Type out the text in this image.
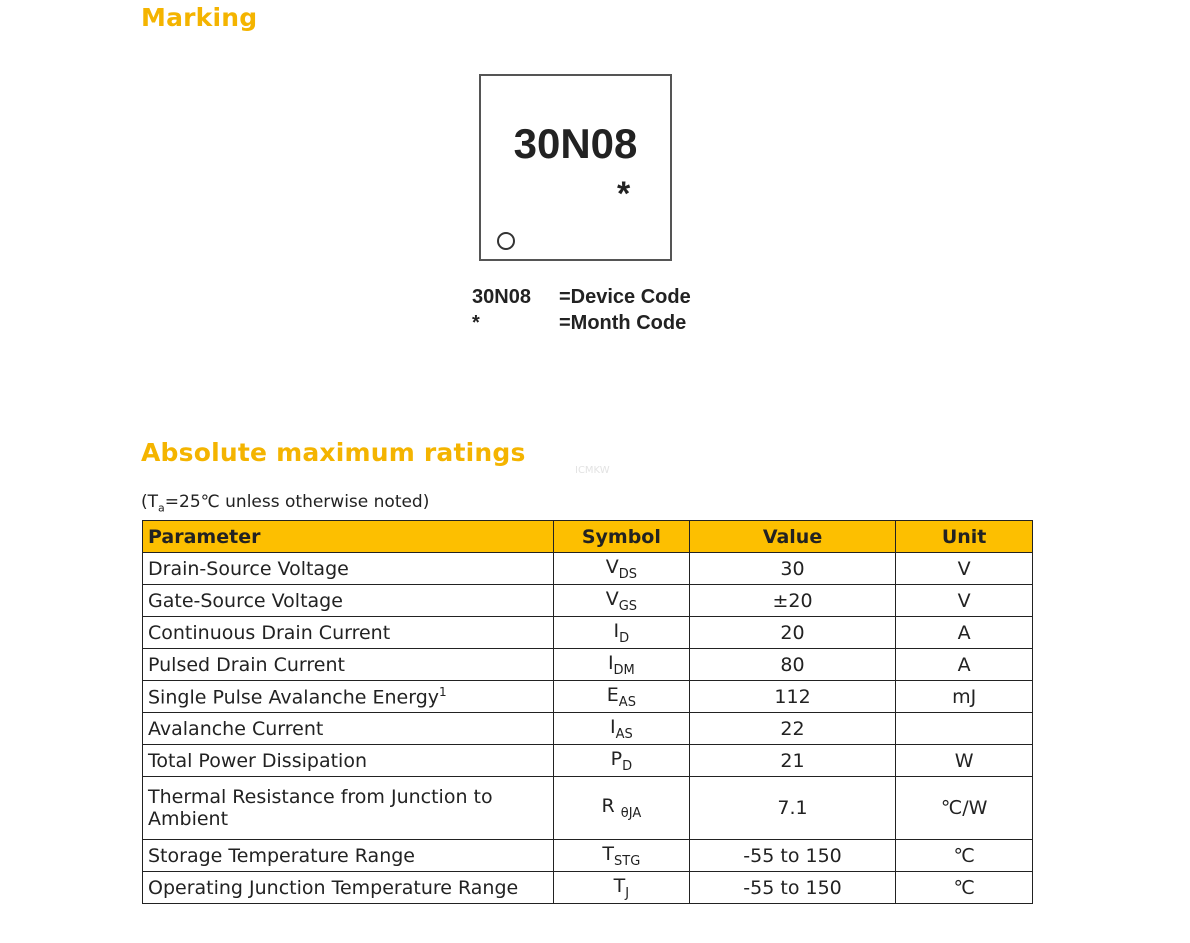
Marking
30N08
*
30N08	=Device Code
*	=Month Code
Absolute maximum ratings
ICMKW
($T_a=25℃$ unless otherwise noted)
Parameter	Symbol	Value	Unit
Drain-Source Voltage	$V_{DS}$	30	V
Gate-Source Voltage	$V_{GS}$	±20	V
Continuous Drain Current	$I_D$	20	A
Pulsed Drain Current	$I_{DM}$	80	A
Single Pulse Avalanche Energy$^1$	$E_{AS}$	112	mJ
Avalanche Current	$I_{AS}$	22	
Total Power Dissipation	$P_D$	21	W
Thermal Resistance from Junction to Ambient	R $_{\theta JA}$	7.1	℃/W
Storage Temperature Range	$T_{STG}$	-55 to 150	℃
Operating Junction Temperature Range	$T_J$	-55 to 150	℃
